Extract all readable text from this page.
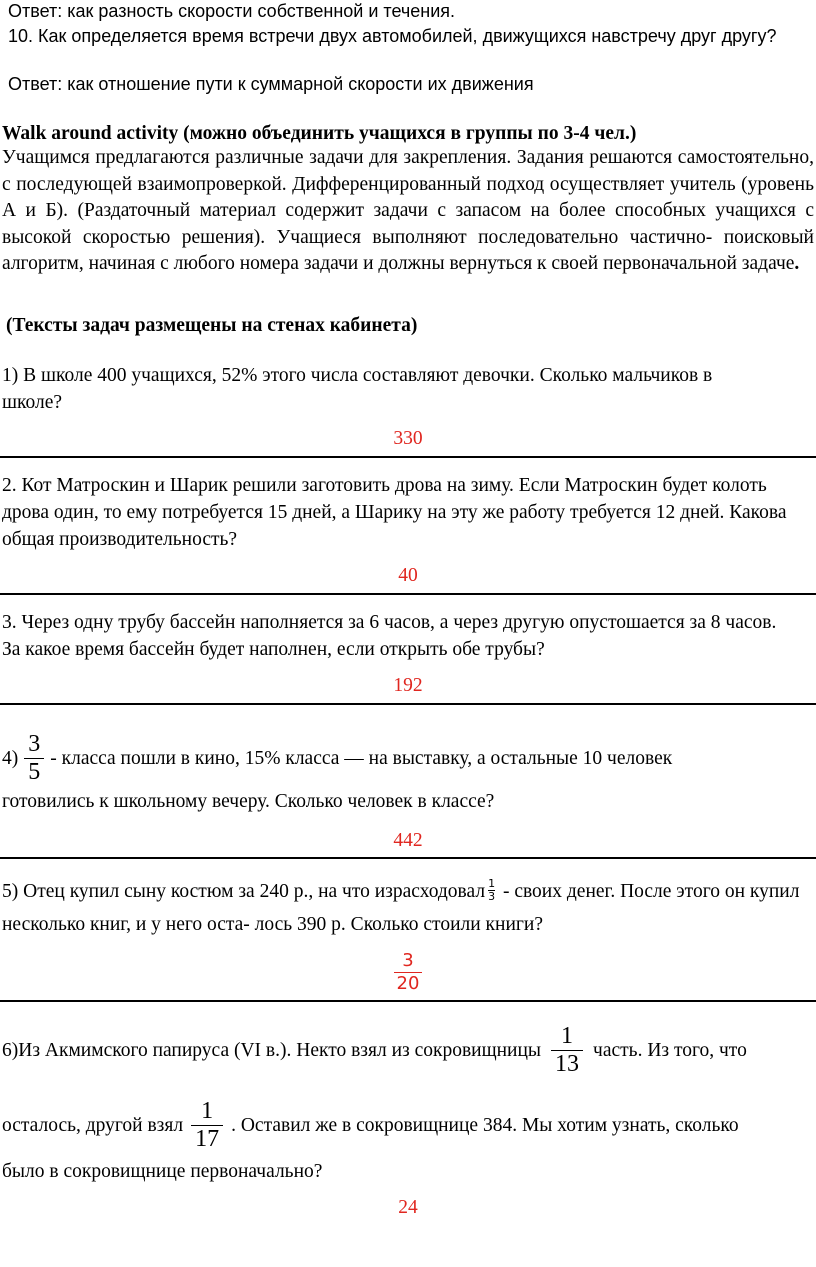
Ответ: как разность скорости собственной и течения.
10. Как определяется время встречи двух автомобилей, движущихся навстречу друг другу?
Ответ: как отношение пути к суммарной скорости их движения
Walk around activity (можно объединить учащихся в группы по 3-4 чел.)
Учащимся предлагаются различные задачи для закрепления. Задания решаются самостоятельно, с последующей взаимопроверкой. Дифференцированный подход осуществляет учитель (уровень А и Б). (Раздаточный материал содержит задачи с запасом на более способных учащихся с высокой скоростью решения). Учащиеся выполняют последовательно частично- поисковый алгоритм, начиная с любого номера задачи и должны вернуться к своей первоначальной задаче.
(Тексты задач размещены на стенах кабинета)
1) В школе 400 учащихся, 52% этого числа составляют девочки. Сколько мальчиков в школе?
330
2. Кот Матроскин и Шарик решили заготовить дрова на зиму. Если Матроскин будет колоть дрова один, то ему потребуется 15 дней, а Шарику на эту же работу требуется 12 дней. Какова общая производительность?
40
3. Через одну трубу бассейн наполняется за 6 часов, а через другую опустошается за 8 часов. За какое время бассейн будет наполнен, если открыть обе трубы?
192
$4) \frac{3}{5}$ - класса пошли в кино, 15% класса — на выставку, а остальные 10 человек
готовились к школьному вечеру. Сколько человек в классе?
442
5) Отец купил сыну костюм за 240 р., на что израсходовал $\frac{1}{3}$ - своих денег. После этого он купил несколько книг, и у него оста- лось 390 р. Сколько стоили книги?
$\frac{3}{20}$
6)Из Акмимского папируса (VI в.). Некто взял из сокровищницы $\frac{1}{13}$ часть. Из того, что
осталось, другой взял $\frac{1}{17}$ . Оставил же в сокровищнице 384. Мы хотим узнать, сколько
было в сокровищнице первоначально?
24
